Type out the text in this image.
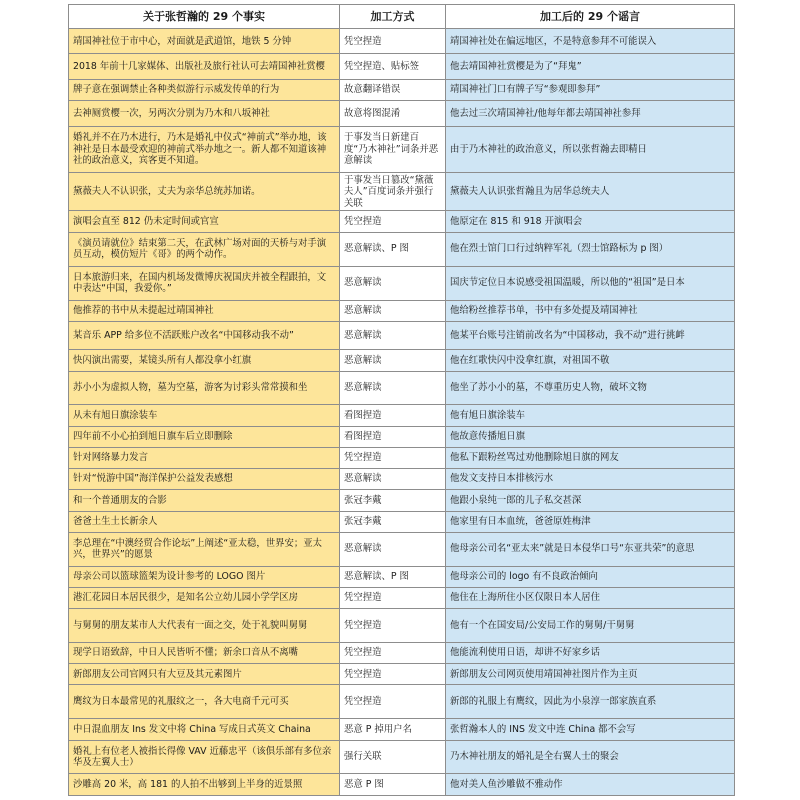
关于张哲瀚的 29 个事实	加工方式	加工后的 29 个谣言
靖国神社位于市中心，对面就是武道馆，地铁 5 分钟	凭空捏造	靖国神社处在偏远地区，不是特意参拜不可能误入
2018 年前十几家媒体、出版社及旅行社认可去靖国神社赏樱	凭空捏造、贴标签	他去靖国神社赏樱是为了“拜鬼”
牌子意在强调禁止各种类似游行示威发传单的行为	故意翻译错误	靖国神社门口有牌子写“参观即参拜”
去神厕赏樱一次，另两次分别为乃木和八坂神社	故意将图混淆	他去过三次靖国神社/他每年都去靖国神社参拜
婚礼并不在乃木进行，乃木是婚礼中仪式“神前式”举办地，该神社是日本最受欢迎的神前式举办地之一。新人都不知道该神社的政治意义，宾客更不知道。	于事发当日新建百度“乃木神社”词条并恶意解读	由于乃木神社的政治意义，所以张哲瀚去即精日
黛薇夫人不认识张，丈夫为亲华总统苏加诺。	于事发当日篡改“黛薇夫人”百度词条并强行关联	黛薇夫人认识张哲瀚且为居华总统夫人
演唱会直至 812 仍未定时间或官宣	凭空捏造	他原定在 815 和 918 开演唱会
《演员请就位》结束第二天，在武林广场对面的天桥与对手演员互动，模仿短片《哥》的两个动作。	恶意解读、P 图	他在烈士馆门口行过纳粹军礼（烈士馆路标为 p 图）
日本旅游归来，在国内机场发微博庆祝国庆并被全程跟拍，文中表达“中国，我爱你。”	恶意解读	国庆节定位日本说感受祖国温暖，所以他的“祖国”是日本
他推荐的书中从未提起过靖国神社	恶意解读	他给粉丝推荐书单，书中有多处提及靖国神社
某音乐 APP 给多位不活跃账户改名“中国移动我不动”	恶意解读	他某平台账号注销前改名为“中国移动，我不动”进行挑衅
快闪演出需要，某镜头所有人都没拿小红旗	恶意解读	他在红歌快闪中没拿红旗，对祖国不敬
苏小小为虚拟人物，墓为空墓，游客为讨彩头常常摸和坐	恶意解读	他坐了苏小小的墓，不尊重历史人物，破坏文物
从未有旭日旗涂装车	看图捏造	他有旭日旗涂装车
四年前不小心拍到旭日旗车后立即删除	看图捏造	他故意传播旭日旗
针对网络暴力发言	凭空捏造	他私下跟粉丝骂过劝他删除旭日旗的网友
针对“悦游中国”海洋保护公益发表感想	恶意解读	他发文支持日本排核污水
和一个普通朋友的合影	张冠李戴	他跟小泉纯一郎的儿子私交甚深
爸爸土生土长新余人	张冠李戴	他家里有日本血统，爸爸原姓梅津
李总理在“中澳经贸合作论坛”上阐述“亚太稳，世界安；亚太兴，世界兴”的愿景	恶意解读	他母亲公司名“亚太来”就是日本侵华口号“东亚共荣”的意思
母亲公司以篮球篮架为设计参考的 LOGO 图片	恶意解读、P 图	他母亲公司的 logo 有不良政治倾向
港汇花园日本居民很少，是知名公立幼儿园小学学区房	凭空捏造	他住在上海所住小区仅限日本人居住
与舅舅的朋友某市人大代表有一面之交，处于礼貌叫舅舅	凭空捏造	他有一个在国安局/公安局工作的舅舅/干舅舅
现学日语致辞，中日人民皆听不懂；新余口音从不离嘴	凭空捏造	他能流利使用日语，却讲不好家乡话
新郎朋友公司官网只有大豆及其元素图片	凭空捏造	新郎朋友公司网页使用靖国神社图片作为主页
鹰纹为日本最常见的礼服纹之一，各大电商千元可买	凭空捏造	新郎的礼服上有鹰纹，因此为小泉淳一郎家族直系
中日混血朋友 Ins 发文中将 China 写成日式英文 Chaina	恶意 P 掉用户名	张哲瀚本人的 INS 发文中连 China 都不会写
婚礼上有位老人被指长得像 VAV 近藤忠平（该俱乐部有多位亲华及左翼人士）	强行关联	乃木神社朋友的婚礼是全右翼人士的聚会
沙雕高 20 米，高 181 的人拍不出够到上半身的近景照	恶意 P 图	他对美人鱼沙雕做不雅动作
